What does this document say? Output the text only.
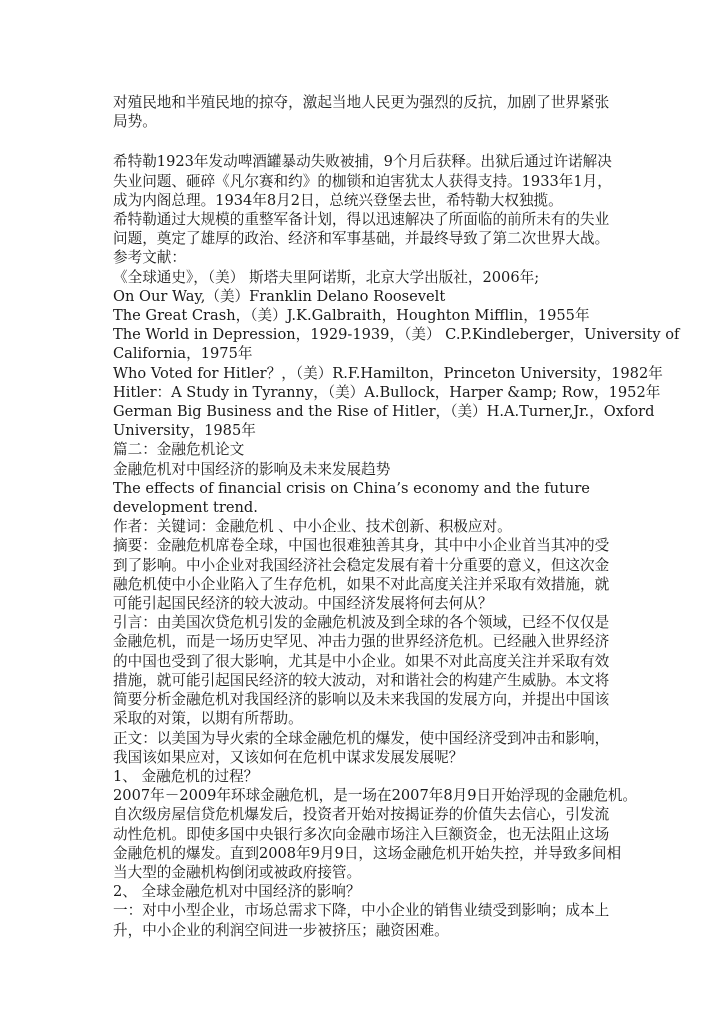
对殖民地和半殖民地的掠夺，激起当地人民更为强烈的反抗，加剧了世界紧张
局势。
希特勒1923年发动啤酒罐暴动失败被捕，9个月后获释。出狱后通过许诺解决
失业问题、砸碎《凡尔赛和约》的枷锁和迫害犹太人获得支持。1933年1月，
成为内阁总理。1934年8月2日，总统兴登堡去世，希特勒大权独揽。
希特勒通过大规模的重整军备计划，得以迅速解决了所面临的前所未有的失业
问题，奠定了雄厚的政治、经济和军事基础，并最终导致了第二次世界大战。
参考文献：
《全球通史》，（美） 斯塔夫里阿诺斯，北京大学出版社，2006年;
On Our Way,（美）Franklin Delano Roosevelt
The Great Crash，（美）J.K.Galbraith，Houghton Mifflin，1955年
The World in Depression，1929-1939，（美） C.P.Kindleberger，University of
California，1975年
Who Voted for Hitler？，（美）R.F.Hamilton，Princeton University，1982年
Hitler：A Study in Tyranny，（美）A.Bullock，Harper &amp; Row，1952年
German Big Business and the Rise of Hitler，（美）H.A.Turner,Jr.，Oxford
University，1985年
篇二：金融危机论文
金融危机对中国经济的影响及未来发展趋势
The effects of financial crisis on China’s economy and the future
development trend.
作者：关键词：金融危机 、中小企业、技术创新、积极应对。
摘要：金融危机席卷全球，中国也很难独善其身，其中中小企业首当其冲的受
到了影响。中小企业对我国经济社会稳定发展有着十分重要的意义，但这次金
融危机使中小企业陷入了生存危机，如果不对此高度关注并采取有效措施，就
可能引起国民经济的较大波动。中国经济发展将何去何从？
引言：由美国次贷危机引发的金融危机波及到全球的各个领域，已经不仅仅是
金融危机，而是一场历史罕见、冲击力强的世界经济危机。已经融入世界经济
的中国也受到了很大影响，尤其是中小企业。如果不对此高度关注并采取有效
措施，就可能引起国民经济的较大波动，对和谐社会的构建产生威胁。本文将
简要分析金融危机对我国经济的影响以及未来我国的发展方向，并提出中国该
采取的对策，以期有所帮助。
正文：以美国为导火索的全球金融危机的爆发，使中国经济受到冲击和影响，
我国该如果应对，又该如何在危机中谋求发展发展呢？
1、 金融危机的过程？
2007年－2009年环球金融危机，是一场在2007年8月9日开始浮现的金融危机。
自次级房屋信贷危机爆发后，投资者开始对按揭证券的价值失去信心，引发流
动性危机。即使多国中央银行多次向金融市场注入巨额资金，也无法阻止这场
金融危机的爆发。直到2008年9月9日，这场金融危机开始失控，并导致多间相
当大型的金融机构倒闭或被政府接管。
2、 全球金融危机对中国经济的影响？
一：对中小型企业，市场总需求下降，中小企业的销售业绩受到影响；成本上
升，中小企业的利润空间进一步被挤压；融资困难。
